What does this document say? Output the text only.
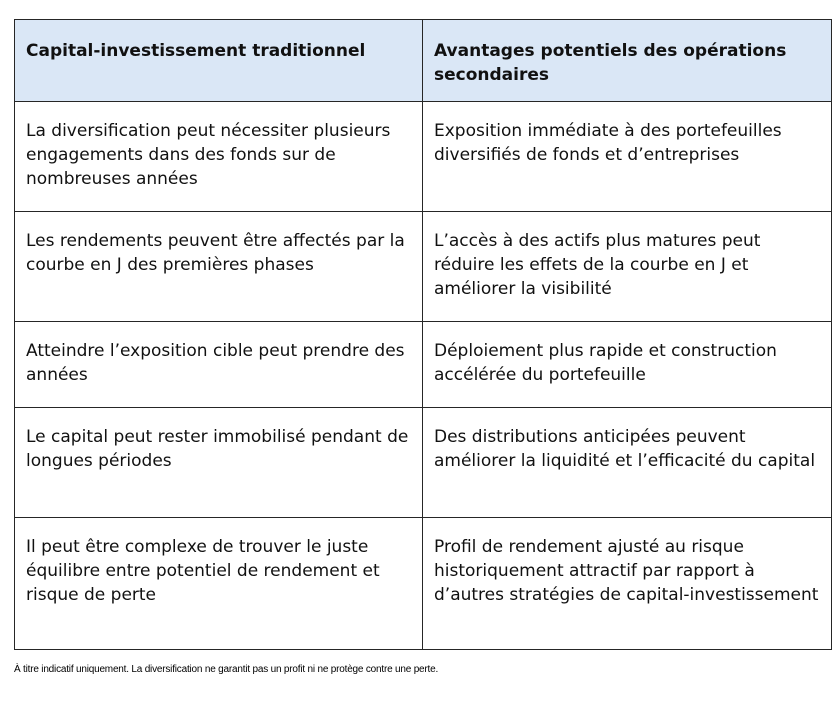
Capital-investissement traditionnel	Avantages potentiels des opérations secondaires
La diversification peut nécessiter plusieurs engagements dans des fonds sur de nombreuses années	Exposition immédiate à des portefeuilles diversifiés de fonds et d’entreprises
Les rendements peuvent être affectés par la courbe en J des premières phases	L’accès à des actifs plus matures peut réduire les effets de la courbe en J et améliorer la visibilité
Atteindre l’exposition cible peut prendre des années	Déploiement plus rapide et construction accélérée du portefeuille
Le capital peut rester immobilisé pendant de longues périodes	Des distributions anticipées peuvent améliorer la liquidité et l’efficacité du capital
Il peut être complexe de trouver le juste équilibre entre potentiel de rendement et risque de perte	Profil de rendement ajusté au risque historiquement attractif par rapport à d’autres stratégies de capital-investissement
À titre indicatif uniquement. La diversification ne garantit pas un profit ni ne protège contre une perte.
